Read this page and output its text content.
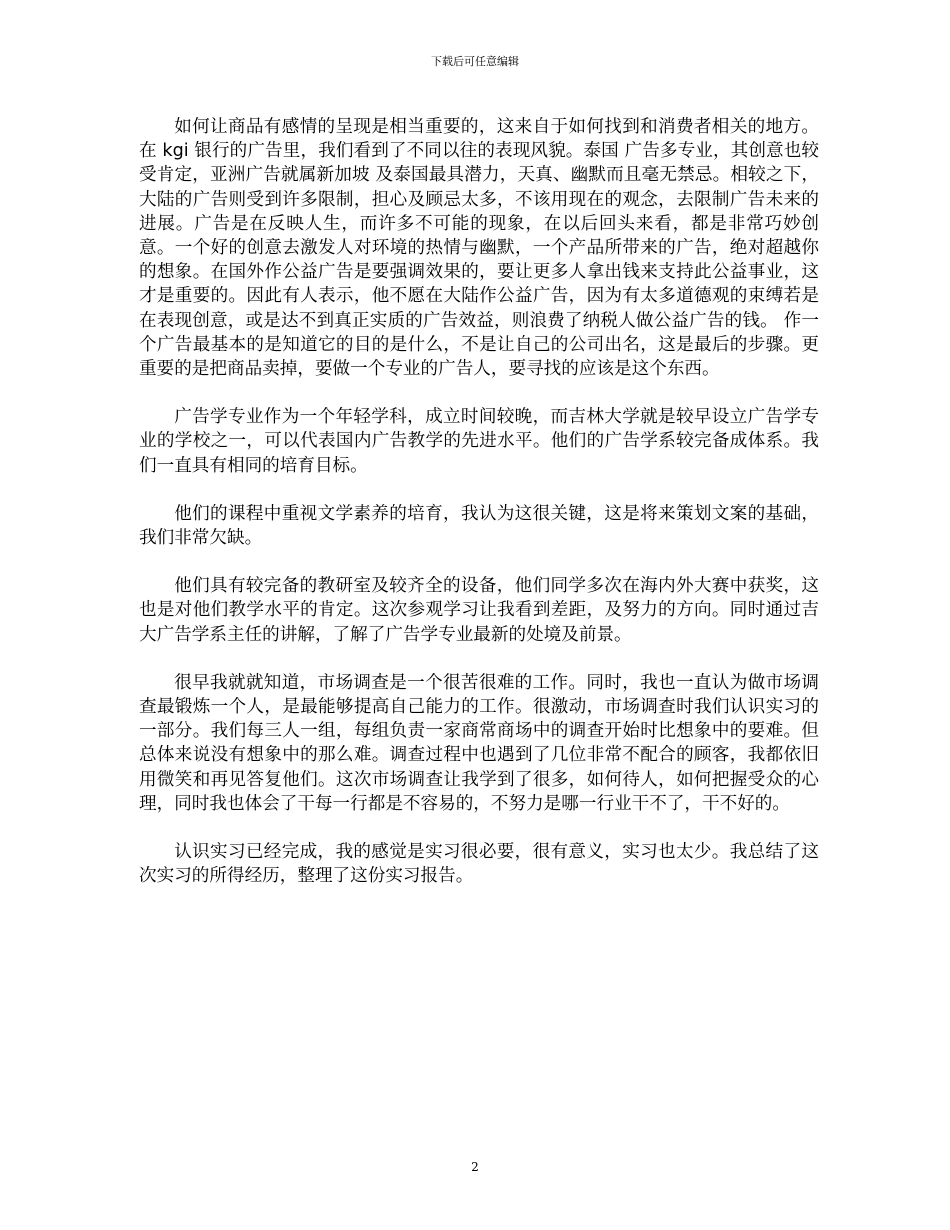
下载后可任意编辑

如何让商品有感情的呈现是相当重要的，这来自于如何找到和消费者相关的地方。在 kgi 银行的广告里，我们看到了不同以往的表现风貌。泰国 广告多专业，其创意也较受肯定，亚洲广告就属新加坡 及泰国最具潜力，天真、幽默而且毫无禁忌。相较之下，大陆的广告则受到许多限制，担心及顾忌太多，不该用现在的观念，去限制广告未来的进展。广告是在反映人生，而许多不可能的现象，在以后回头来看，都是非常巧妙创意。一个好的创意去激发人对环境的热情与幽默，一个产品所带来的广告，绝对超越你的想象。在国外作公益广告是要强调效果的，要让更多人拿出钱来支持此公益事业，这才是重要的。因此有人表示，他不愿在大陆作公益广告，因为有太多道德观的束缚若是在表现创意，或是达不到真正实质的广告效益，则浪费了纳税人做公益广告的钱。 作一个广告最基本的是知道它的目的是什么，不是让自己的公司出名，这是最后的步骤。更重要的是把商品卖掉，要做一个专业的广告人，要寻找的应该是这个东西。

广告学专业作为一个年轻学科，成立时间较晚，而吉林大学就是较早设立广告学专业的学校之一，可以代表国内广告教学的先进水平。他们的广告学系较完备成体系。我们一直具有相同的培育目标。

他们的课程中重视文学素养的培育，我认为这很关键，这是将来策划文案的基础，我们非常欠缺。

他们具有较完备的教研室及较齐全的设备，他们同学多次在海内外大赛中获奖，这也是对他们教学水平的肯定。这次参观学习让我看到差距，及努力的方向。同时通过吉大广告学系主任的讲解，了解了广告学专业最新的处境及前景。

很早我就就知道，市场调查是一个很苦很难的工作。同时，我也一直认为做市场调查最锻炼一个人，是最能够提高自己能力的工作。很激动，市场调查时我们认识实习的一部分。我们每三人一组，每组负责一家商常商场中的调查开始时比想象中的要难。但总体来说没有想象中的那么难。调查过程中也遇到了几位非常不配合的顾客，我都依旧用微笑和再见答复他们。这次市场调查让我学到了很多，如何待人，如何把握受众的心理，同时我也体会了干每一行都是不容易的，不努力是哪一行业干不了，干不好的。

认识实习已经完成，我的感觉是实习很必要，很有意义，实习也太少。我总结了这次实习的所得经历，整理了这份实习报告。

2
